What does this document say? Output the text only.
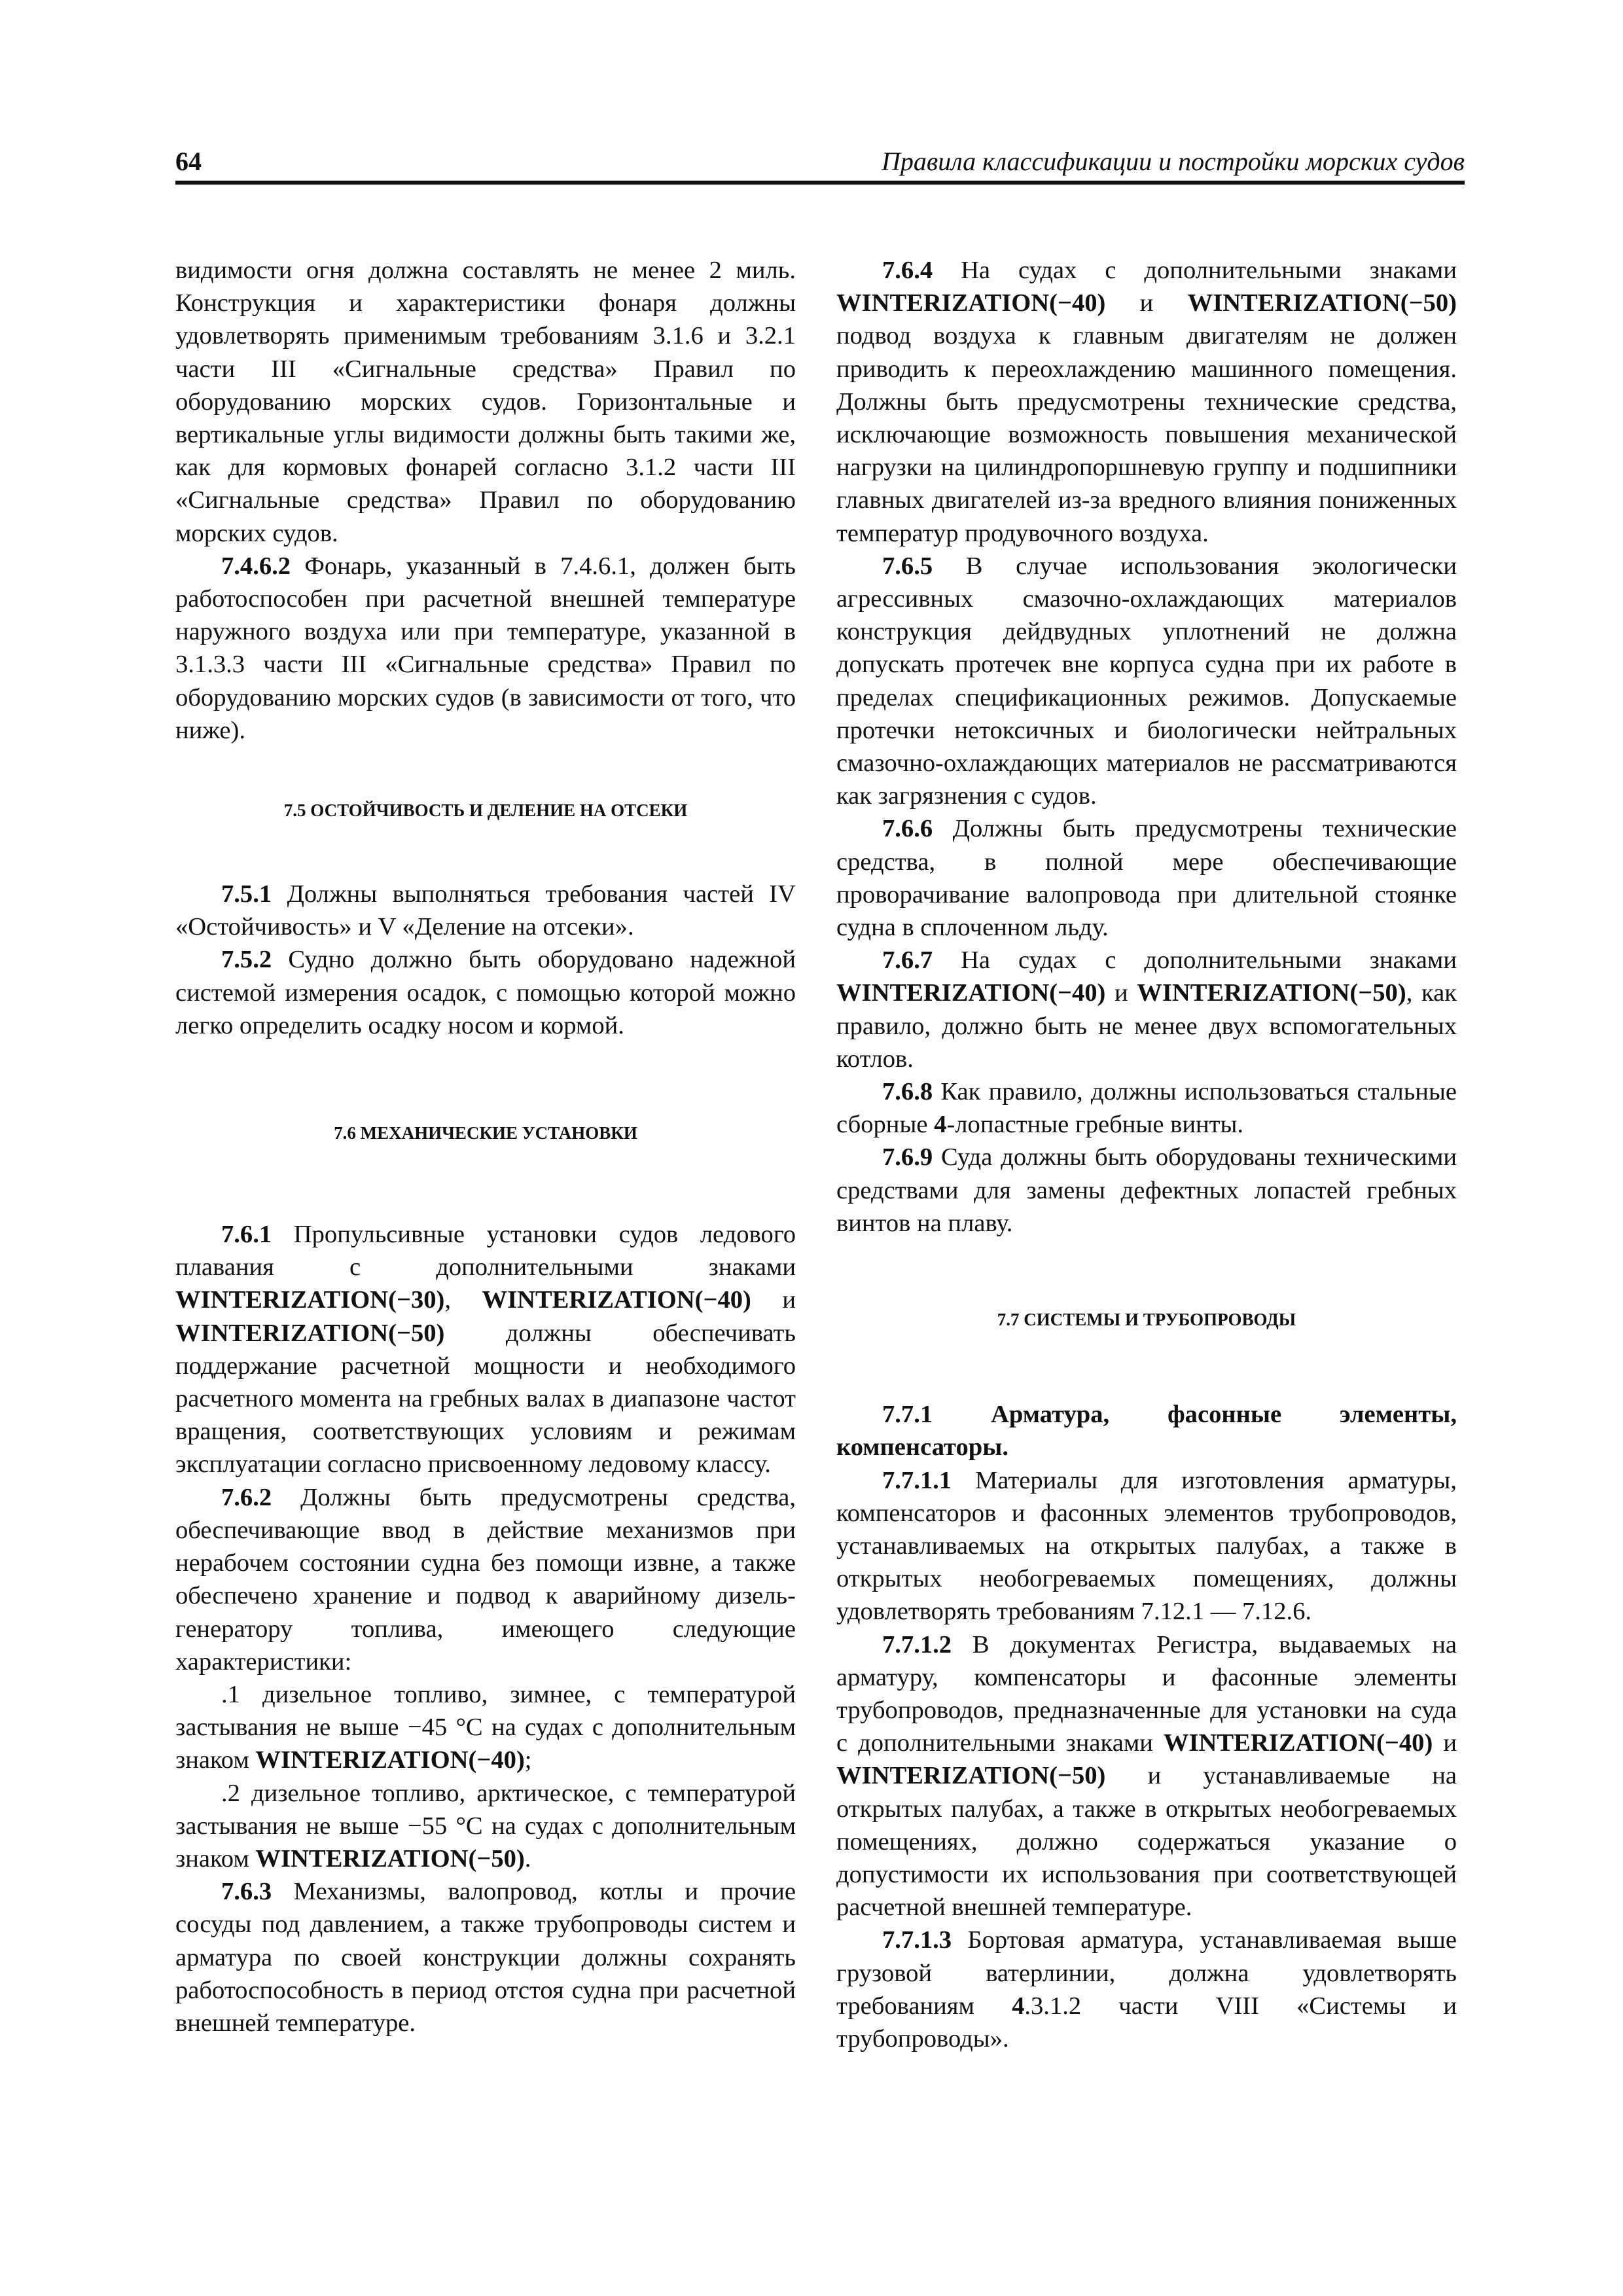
64	Правила классификации и постройки морских судов

видимости огня должна составлять не менее 2 миль. Конструкция и характеристики фонаря должны удовлетворять применимым требованиям 3.1.6 и 3.2.1 части III «Сигнальные средства» Правил по оборудованию морских судов. Горизонтальные и вертикальные углы видимости должны быть такими же, как для кормовых фонарей согласно 3.1.2 части III «Сигнальные средства» Правил по оборудованию морских судов.

7.4.6.2 Фонарь, указанный в 7.4.6.1, должен быть работоспособен при расчетной внешней температуре наружного воздуха или при температуре, указанной в 3.1.3.3 части III «Сигнальные средства» Правил по оборудованию морских судов (в зависимости от того, что ниже).

7.5 ОСТОЙЧИВОСТЬ И ДЕЛЕНИЕ НА ОТСЕКИ

7.5.1 Должны выполняться требования частей IV «Остойчивость» и V «Деление на отсеки».

7.5.2 Судно должно быть оборудовано надежной системой измерения осадок, с помощью которой можно легко определить осадку носом и кормой.

7.6 МЕХАНИЧЕСКИЕ УСТАНОВКИ

7.6.1 Пропульсивные установки судов ледового плавания с дополнительными знаками WINTERIZATION(−30), WINTERIZATION(−40) и WINTERIZATION(−50) должны обеспечивать поддержание расчетной мощности и необходимого расчетного момента на гребных валах в диапазоне частот вращения, соответствующих условиям и режимам эксплуатации согласно присвоенному ледовому классу.

7.6.2 Должны быть предусмотрены средства, обеспечивающие ввод в действие механизмов при нерабочем состоянии судна без помощи извне, а также обеспечено хранение и подвод к аварийному дизель-генератору топлива, имеющего следующие характеристики:

.1 дизельное топливо, зимнее, с температурой застывания не выше −45 °С на судах с дополнительным знаком WINTERIZATION(−40);

.2 дизельное топливо, арктическое, с температурой застывания не выше −55 °С на судах с дополнительным знаком WINTERIZATION(−50).

7.6.3 Механизмы, валопровод, котлы и прочие сосуды под давлением, а также трубопроводы систем и арматура по своей конструкции должны сохранять работоспособность в период отстоя судна при расчетной внешней температуре.

7.6.4 На судах с дополнительными знаками WINTERIZATION(−40) и WINTERIZATION(−50) подвод воздуха к главным двигателям не должен приводить к переохлаждению машинного помещения. Должны быть предусмотрены технические средства, исключающие возможность повышения механической нагрузки на цилиндропоршневую группу и подшипники главных двигателей из-за вредного влияния пониженных температур продувочного воздуха.

7.6.5 В случае использования экологически агрессивных смазочно-охлаждающих материалов конструкция дейдвудных уплотнений не должна допускать протечек вне корпуса судна при их работе в пределах спецификационных режимов. Допускаемые протечки нетоксичных и биологически нейтральных смазочно-охлаждающих материалов не рассматриваются как загрязнения с судов.

7.6.6 Должны быть предусмотрены технические средства, в полной мере обеспечивающие проворачивание валопровода при длительной стоянке судна в сплоченном льду.

7.6.7 На судах с дополнительными знаками WINTERIZATION(−40) и WINTERIZATION(−50), как правило, должно быть не менее двух вспомогательных котлов.

7.6.8 Как правило, должны использоваться стальные сборные 4-лопастные гребные винты.

7.6.9 Суда должны быть оборудованы техническими средствами для замены дефектных лопастей гребных винтов на плаву.

7.7 СИСТЕМЫ И ТРУБОПРОВОДЫ

7.7.1 Арматура, фасонные элементы, компенсаторы.

7.7.1.1 Материалы для изготовления арматуры, компенсаторов и фасонных элементов трубопроводов, устанавливаемых на открытых палубах, а также в открытых необогреваемых помещениях, должны удовлетворять требованиям 7.12.1 — 7.12.6.

7.7.1.2 В документах Регистра, выдаваемых на арматуру, компенсаторы и фасонные элементы трубопроводов, предназначенные для установки на суда с дополнительными знаками WINTERIZATION(−40) и WINTERIZATION(−50) и устанавливаемые на открытых палубах, а также в открытых необогреваемых помещениях, должно содержаться указание о допустимости их использования при соответствующей расчетной внешней температуре.

7.7.1.3 Бортовая арматура, устанавливаемая выше грузовой ватерлинии, должна удовлетворять требованиям 4.3.1.2 части VIII «Системы и трубопроводы».
